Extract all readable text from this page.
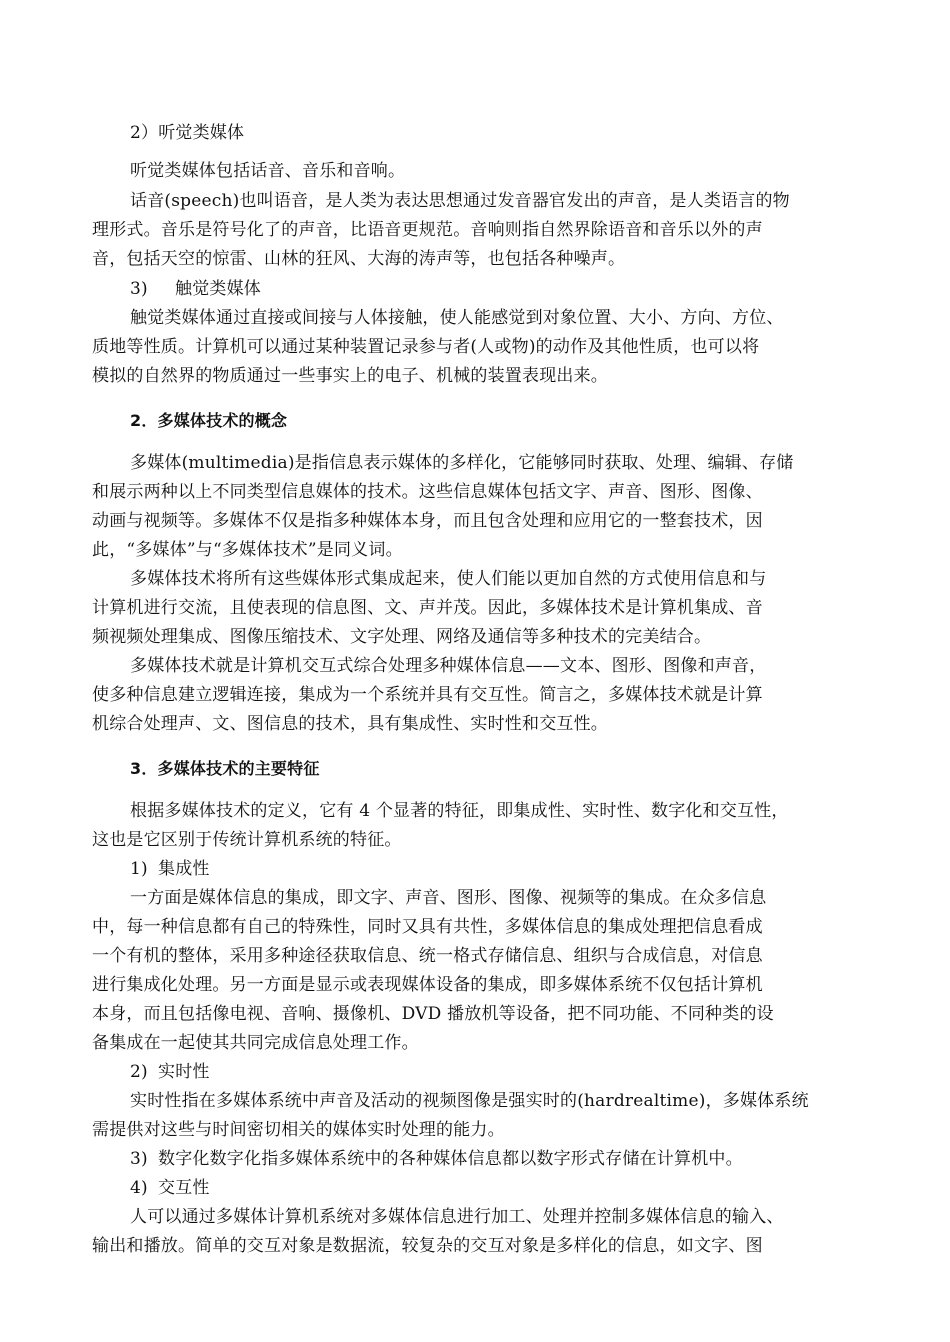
2）听觉类媒体
听觉类媒体包括话音、音乐和音响。
话音(speech)也叫语音，是人类为表达思想通过发音器官发出的声音，是人类语言的物
理形式。音乐是符号化了的声音，比语音更规范。音响则指自然界除语音和音乐以外的声
音，包括天空的惊雷、山林的狂风、大海的涛声等，也包括各种噪声。
触觉类媒体通过直接或间接与人体接触，使人能感觉到对象位置、大小、方向、方位、
质地等性质。计算机可以通过某种装置记录参与者(人或物)的动作及其他性质，也可以将
模拟的自然界的物质通过一些事实上的电子、机械的装置表现出来。
多媒体(multimedia)是指信息表示媒体的多样化，它能够同时获取、处理、编辑、存储
和展示两种以上不同类型信息媒体的技术。这些信息媒体包括文字、声音、图形、图像、
动画与视频等。多媒体不仅是指多种媒体本身，而且包含处理和应用它的一整套技术，因
此，“多媒体”与“多媒体技术”是同义词。
多媒体技术将所有这些媒体形式集成起来，使人们能以更加自然的方式使用信息和与
计算机进行交流，且使表现的信息图、文、声并茂。因此，多媒体技术是计算机集成、音
频视频处理集成、图像压缩技术、文字处理、网络及通信等多种技术的完美结合。
多媒体技术就是计算机交互式综合处理多种媒体信息——文本、图形、图像和声音，
使多种信息建立逻辑连接，集成为一个系统并具有交互性。简言之，多媒体技术就是计算
机综合处理声、文、图信息的技术，具有集成性、实时性和交互性。
根据多媒体技术的定义，它有 4 个显著的特征，即集成性、实时性、数字化和交互性，
这也是它区别于传统计算机系统的特征。
一方面是媒体信息的集成，即文字、声音、图形、图像、视频等的集成。在众多信息
中，每一种信息都有自己的特殊性，同时又具有共性，多媒体信息的集成处理把信息看成
一个有机的整体，采用多种途径获取信息、统一格式存储信息、组织与合成信息，对信息
进行集成化处理。另一方面是显示或表现媒体设备的集成，即多媒体系统不仅包括计算机
本身，而且包括像电视、音响、摄像机、DVD 播放机等设备，把不同功能、不同种类的设
备集成在一起使其共同完成信息处理工作。
实时性指在多媒体系统中声音及活动的视频图像是强实时的(hardrealtime)，多媒体系统
需提供对这些与时间密切相关的媒体实时处理的能力。
人可以通过多媒体计算机系统对多媒体信息进行加工、处理并控制多媒体信息的输入、
输出和播放。简单的交互对象是数据流，较复杂的交互对象是多样化的信息，如文字、图
2．多媒体技术的概念
3．多媒体技术的主要特征
3) 触觉类媒体
1) 集成性
2) 实时性
3) 数字化数字化指多媒体系统中的各种媒体信息都以数字形式存储在计算机中。
4) 交互性
